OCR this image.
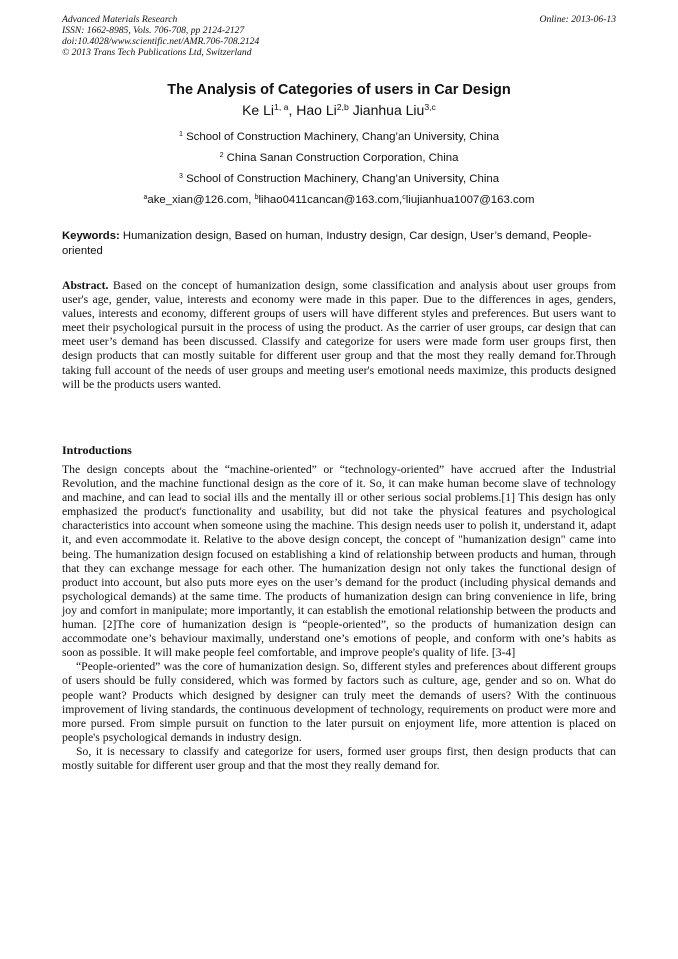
Advanced Materials Research
ISSN: 1662-8985, Vols. 706-708, pp 2124-2127
doi:10.4028/www.scientific.net/AMR.706-708.2124
© 2013 Trans Tech Publications Ltd, Switzerland
Online: 2013-06-13
The Analysis of Categories of users in Car Design
Ke Li$^{1, a}$, Hao Li$^{2,b}$ Jianhua Liu$^{3,c}$
$^1$ School of Construction Machinery, Chang’an University, China
$^2$ China Sanan Construction Corporation, China
$^3$ School of Construction Machinery, Chang’an University, China
$^a$ake_xian@126.com, $^b$lihao0411cancan@163.com,$^c$liujianhua1007@163.com
Keywords: Humanization design, Based on human, Industry design, Car design, User’s demand, People-oriented

Abstract. Based on the concept of humanization design, some classification and analysis about user groups from user's age, gender, value, interests and economy were made in this paper. Due to the differences in ages, genders, values, interests and economy, different groups of users will have different styles and preferences. But users want to meet their psychological pursuit in the process of using the product. As the carrier of user groups, car design that can meet user’s demand has been discussed. Classify and categorize for users were made form user groups first, then design products that can mostly suitable for different user group and that the most they really demand for.Through taking full account of the needs of user groups and meeting user's emotional needs maximize, this products designed will be the products users wanted.

Introductions

The design concepts about the “machine-oriented” or “technology-oriented” have accrued after the Industrial Revolution, and the machine functional design as the core of it. So, it can make human become slave of technology and machine, and can lead to social ills and the mentally ill or other serious social problems.[1] This design has only emphasized the product's functionality and usability, but did not take the physical features and psychological characteristics into account when someone using the machine. This design needs user to polish it, understand it, adapt it, and even accommodate it. Relative to the above design concept, the concept of "humanization design" came into being. The humanization design focused on establishing a kind of relationship between products and human, through that they can exchange message for each other. The humanization design not only takes the functional design of product into account, but also puts more eyes on the user’s demand for the product (including physical demands and psychological demands) at the same time. The products of humanization design can bring convenience in life, bring joy and comfort in manipulate; more importantly, it can establish the emotional relationship between the products and human. [2]The core of humanization design is “people-oriented”, so the products of humanization design can accommodate one’s behaviour maximally, understand one’s emotions of people, and conform with one’s habits as soon as possible. It will make people feel comfortable, and improve people's quality of life. [3-4]

“People-oriented” was the core of humanization design. So, different styles and preferences about different groups of users should be fully considered, which was formed by factors such as culture, age, gender and so on. What do people want? Products which designed by designer can truly meet the demands of users? With the continuous improvement of living standards, the continuous development of technology, requirements on product were more and more pursed. From simple pursuit on function to the later pursuit on enjoyment life, more attention is placed on people's psychological demands in industry design.

So, it is necessary to classify and categorize for users, formed user groups first, then design products that can mostly suitable for different user group and that the most they really demand for.
